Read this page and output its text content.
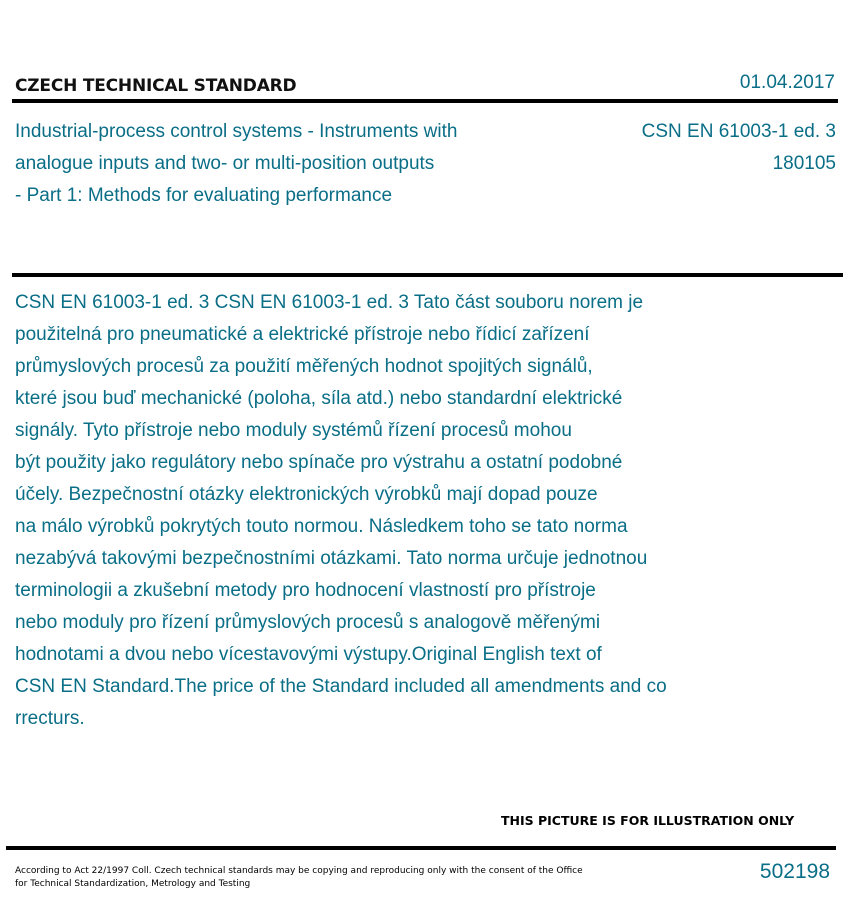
CZECH TECHNICAL STANDARD	01.04.2017
Industrial-process control systems - Instruments with
analogue inputs and two- or multi-position outputs
- Part 1: Methods for evaluating performance
CSN EN 61003-1 ed. 3
180105
CSN EN 61003-1 ed. 3 CSN EN 61003-1 ed. 3 Tato část souboru norem je
použitelná pro pneumatické a elektrické přístroje nebo řídicí zařízení
průmyslových procesů za použití měřených hodnot spojitých signálů,
které jsou buď mechanické (poloha, síla atd.) nebo standardní elektrické
signály. Tyto přístroje nebo moduly systémů řízení procesů mohou
být použity jako regulátory nebo spínače pro výstrahu a ostatní podobné
účely. Bezpečnostní otázky elektronických výrobků mají dopad pouze
na málo výrobků pokrytých touto normou. Následkem toho se tato norma
nezabývá takovými bezpečnostními otázkami. Tato norma určuje jednotnou
terminologii a zkušební metody pro hodnocení vlastností pro přístroje
nebo moduly pro řízení průmyslových procesů s analogově měřenými
hodnotami a dvou nebo vícestavovými výstupy.Original English text of
CSN EN Standard.The price of the Standard included all amendments and co
rrecturs.
THIS PICTURE IS FOR ILLUSTRATION ONLY
According to Act 22/1997 Coll. Czech technical standards may be copying and reproducing only with the consent of the Office
for Technical Standardization, Metrology and Testing
502198
